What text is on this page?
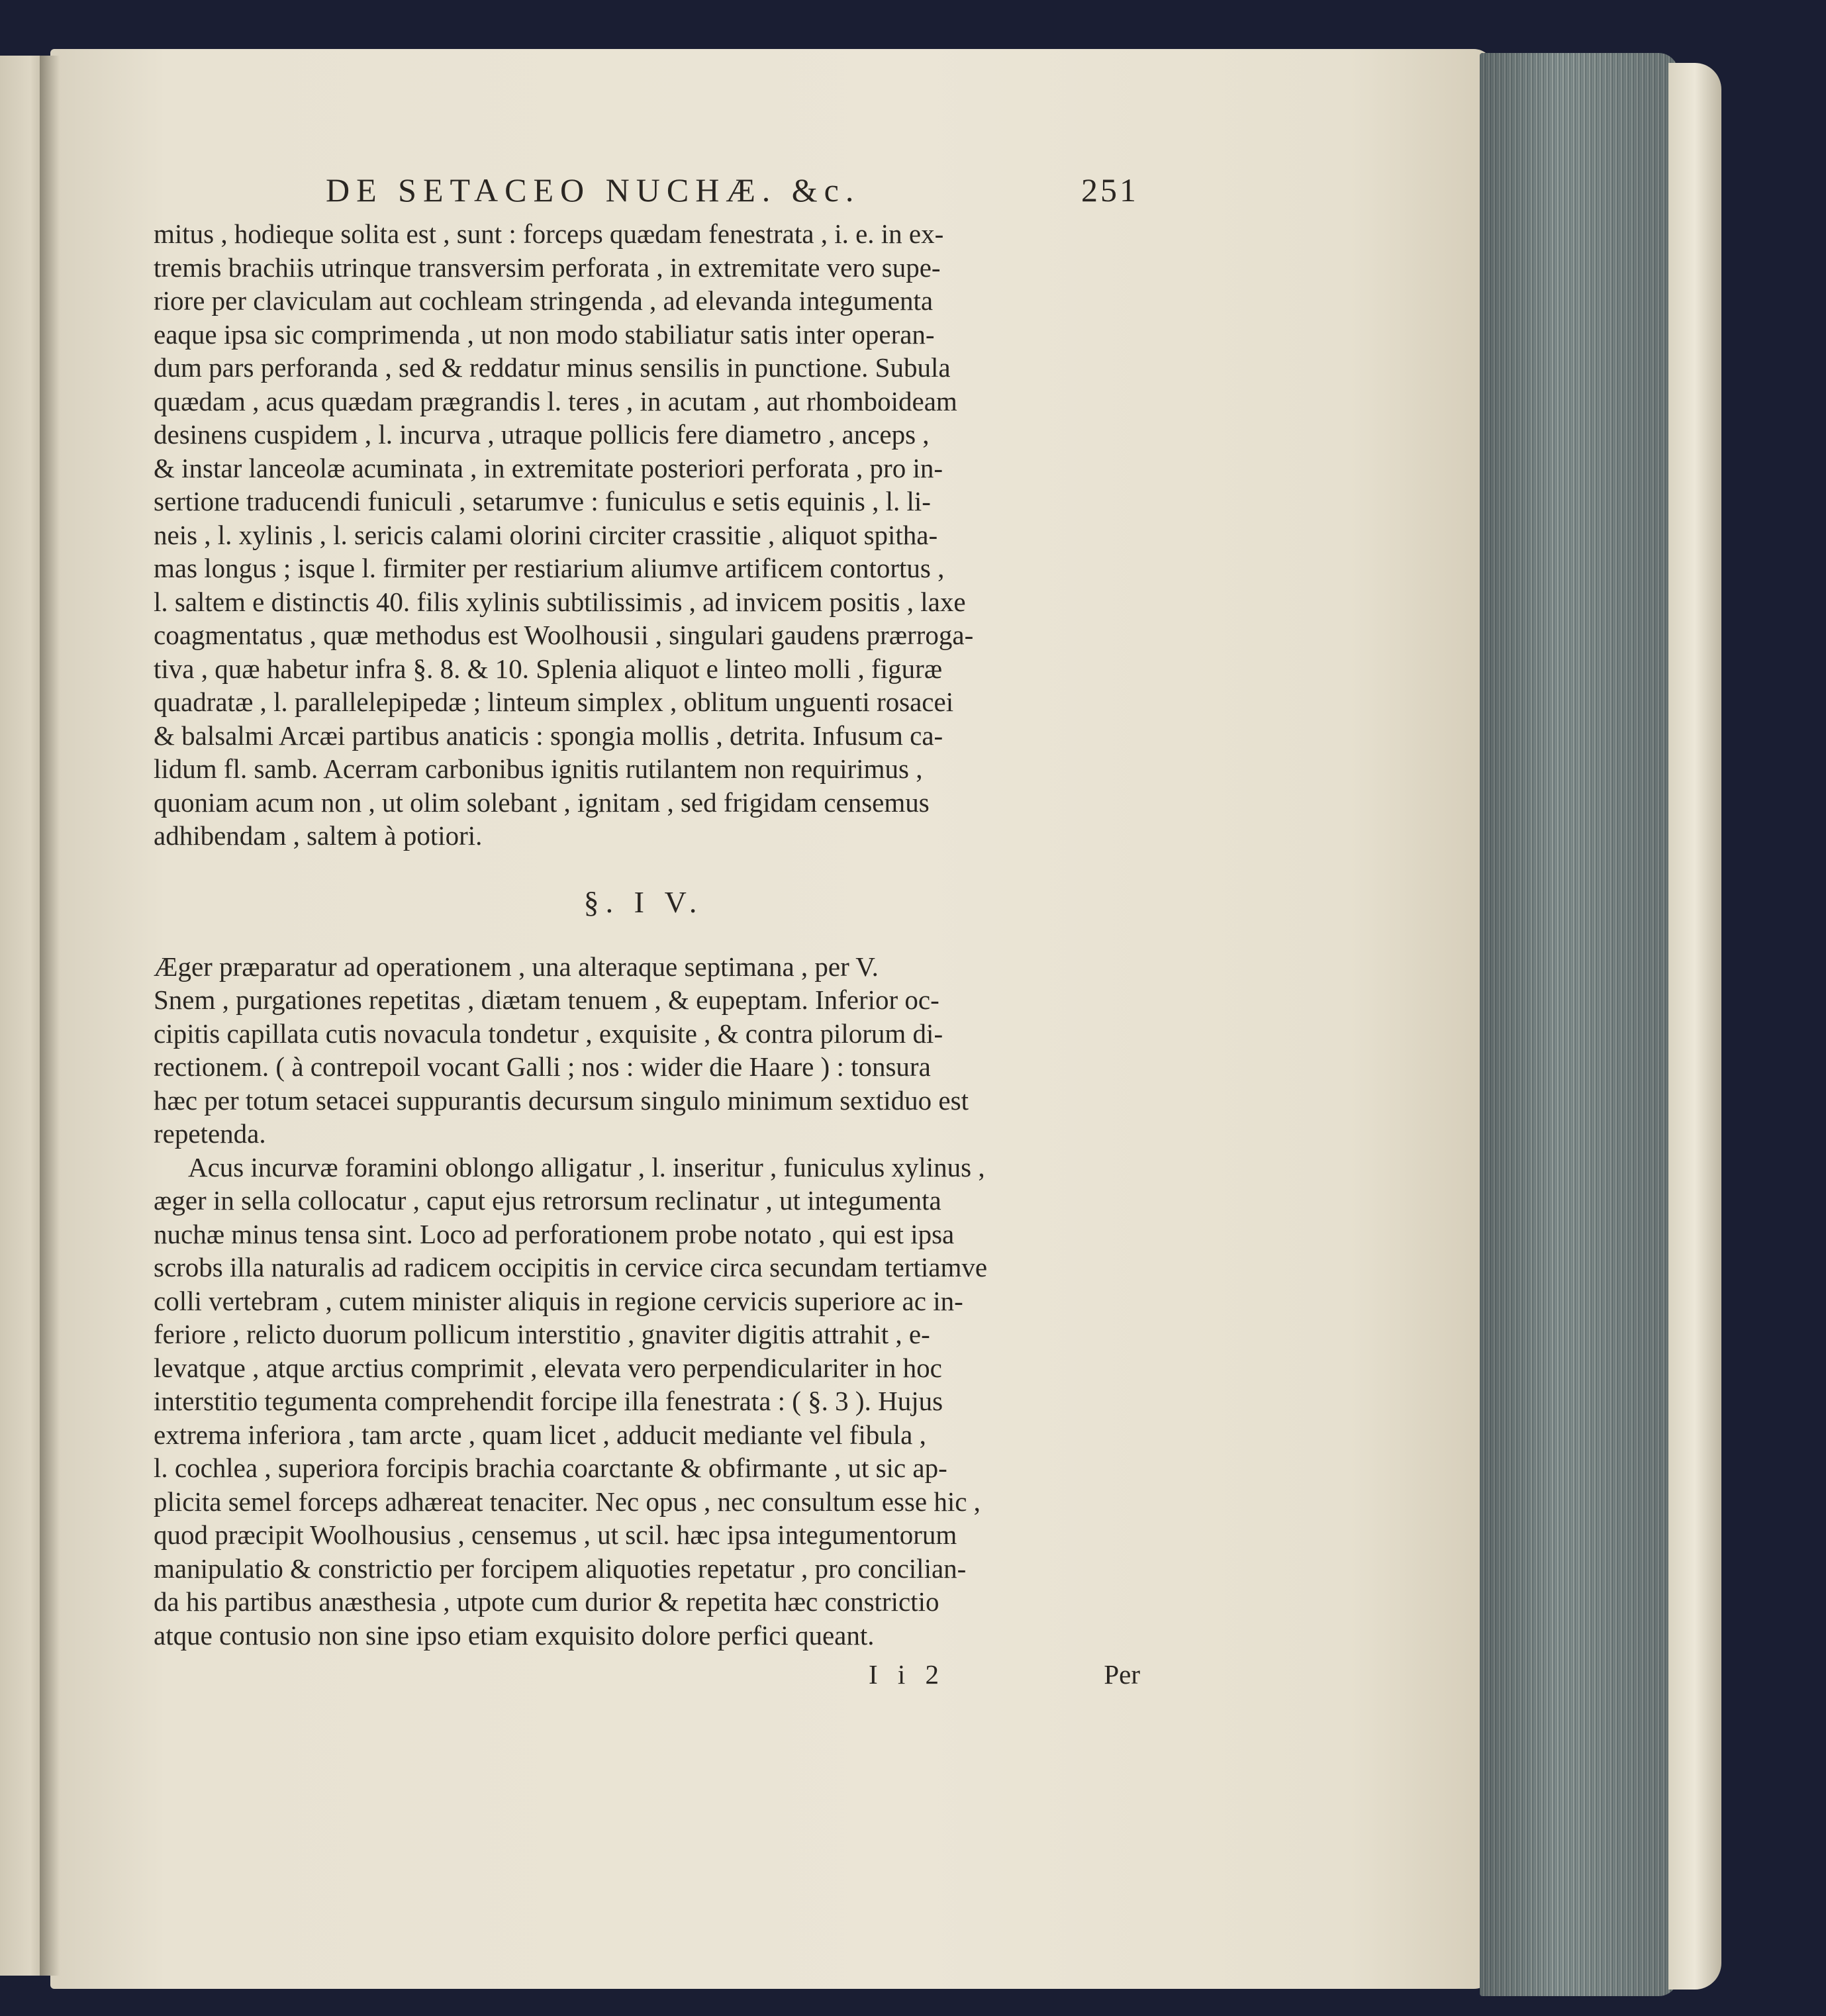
DE SETACEO NUCHÆ. &c.	251

mitus , hodieque solita est , sunt : forceps quædam fenestrata , i. e. in ex-
tremis brachiis utrinque transversim perforata , in extremitate vero supe-
riore per claviculam aut cochleam stringenda , ad elevanda integumenta
eaque ipsa sic comprimenda , ut non modo stabiliatur satis inter operan-
dum pars perforanda , sed & reddatur minus sensilis in punctione. Subula
quædam , acus quædam prægrandis l. teres , in acutam , aut rhomboideam
desinens cuspidem , l. incurva , utraque pollicis fere diametro , anceps ,
& instar lanceolæ acuminata , in extremitate posteriori perforata , pro in-
sertione traducendi funiculi , setarumve : funiculus e setis equinis , l. li-
neis , l. xylinis , l. sericis calami olorini circiter crassitie , aliquot spitha-
mas longus ; isque l. firmiter per restiarium aliumve artificem contortus ,
l. saltem e distinctis 40. filis xylinis subtilissimis , ad invicem positis , laxe
coagmentatus , quæ methodus est Woolhousii , singulari gaudens prærroga-
tiva , quæ habetur infra §. 8. & 10. Splenia aliquot e linteo molli , figuræ
quadratæ , l. parallelepipedæ ; linteum simplex , oblitum unguenti rosacei
& balsalmi Arcæi partibus anaticis : spongia mollis , detrita. Infusum ca-
lidum fl. samb. Acerram carbonibus ignitis rutilantem non requirimus ,
quoniam acum non , ut olim solebant , ignitam , sed frigidam censemus
adhibendam , saltem à potiori.

§. I V.

Æger præparatur ad operationem , una alteraque septimana , per V.
Snem , purgationes repetitas , diætam tenuem , & eupeptam. Inferior oc-
cipitis capillata cutis novacula tondetur , exquisite , & contra pilorum di-
rectionem. ( à contrepoil vocant Galli ; nos : wider die Haare ) : tonsura
hæc per totum setacei suppurantis decursum singulo minimum sextiduo est
repetenda.

Acus incurvæ foramini oblongo alligatur , l. inseritur , funiculus xylinus ,
æger in sella collocatur , caput ejus retrorsum reclinatur , ut integumenta
nuchæ minus tensa sint. Loco ad perforationem probe notato , qui est ipsa
scrobs illa naturalis ad radicem occipitis in cervice circa secundam tertiamve
colli vertebram , cutem minister aliquis in regione cervicis superiore ac in-
feriore , relicto duorum pollicum interstitio , gnaviter digitis attrahit , e-
levatque , atque arctius comprimit , elevata vero perpendiculariter in hoc
interstitio tegumenta comprehendit forcipe illa fenestrata : ( §. 3 ). Hujus
extrema inferiora , tam arcte , quam licet , adducit mediante vel fibula ,
l. cochlea , superiora forcipis brachia coarctante & obfirmante , ut sic ap-
plicita semel forceps adhæreat tenaciter. Nec opus , nec consultum esse hic ,
quod præcipit Woolhousius , censemus , ut scil. hæc ipsa integumentorum
manipulatio & constrictio per forcipem aliquoties repetatur , pro concilian-
da his partibus anæsthesia , utpote cum durior & repetita hæc constrictio
atque contusio non sine ipso etiam exquisito dolore perfici queant.

I i 2	Per
